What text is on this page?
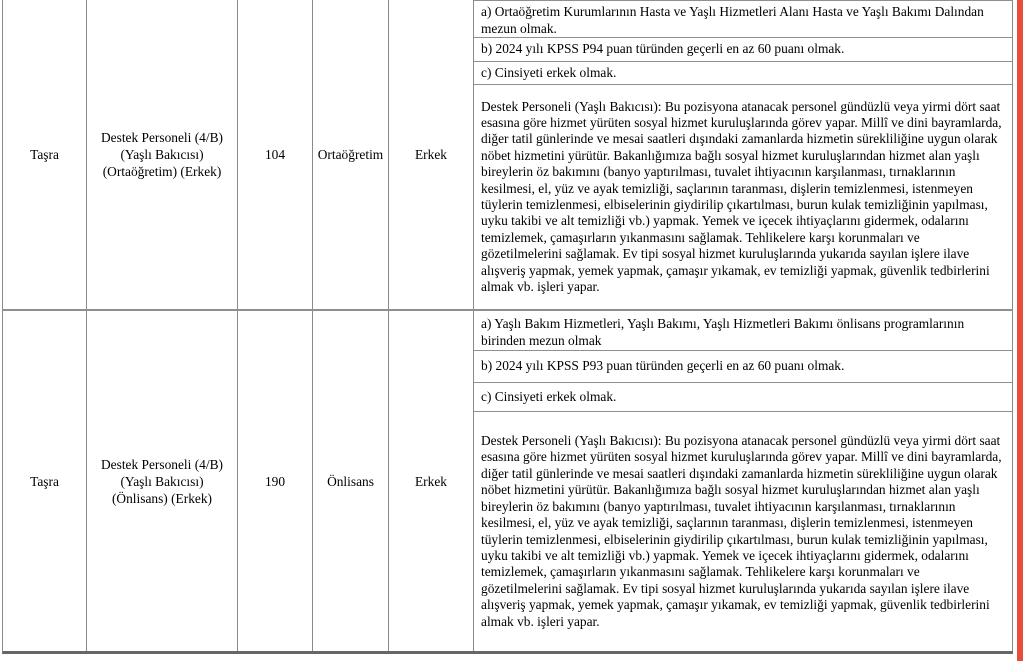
Taşra
Destek Personeli (4/B)
(Yaşlı Bakıcısı)
(Ortaöğretim) (Erkek)
104 Ortaöğretim Erkek
a) Ortaöğretim Kurumlarının Hasta ve Yaşlı Hizmetleri Alanı Hasta ve Yaşlı Bakımı Dalından mezun olmak.
b) 2024 yılı KPSS P94 puan türünden geçerli en az 60 puanı olmak.
c) Cinsiyeti erkek olmak.

Destek Personeli (Yaşlı Bakıcısı): Bu pozisyona atanacak personel gündüzlü veya yirmi dört saat esasına göre hizmet yürüten sosyal hizmet kuruluşlarında görev yapar. Millî ve dini bayramlarda, diğer tatil günlerinde ve mesai saatleri dışındaki zamanlarda hizmetin sürekliliğine uygun olarak nöbet hizmetini yürütür. Bakanlığımıza bağlı sosyal hizmet kuruluşlarından hizmet alan yaşlı bireylerin öz bakımını (banyo yaptırılması, tuvalet ihtiyacının karşılanması, tırnaklarının kesilmesi, el, yüz ve ayak temizliği, saçlarının taranması, dişlerin temizlenmesi, istenmeyen tüylerin temizlenmesi, elbiselerinin giydirilip çıkartılması, burun kulak temizliğinin yapılması, uyku takibi ve alt temizliği vb.) yapmak. Yemek ve içecek ihtiyaçlarını gidermek, odalarını temizlemek, çamaşırların yıkanmasını sağlamak. Tehlikelere karşı korunmaları ve gözetilmelerini sağlamak. Ev tipi sosyal hizmet kuruluşlarında yukarıda sayılan işlere ilave alışveriş yapmak, yemek yapmak, çamaşır yıkamak, ev temizliği yapmak, güvenlik tedbirlerini almak vb. işleri yapar.

Taşra
Destek Personeli (4/B)
(Yaşlı Bakıcısı)
(Önlisans) (Erkek)
190	Önlisans	Erkek
a) Yaşlı Bakım Hizmetleri, Yaşlı Bakımı, Yaşlı Hizmetleri Bakımı önlisans programlarının birinden mezun olmak
b) 2024 yılı KPSS P93 puan türünden geçerli en az 60 puanı olmak.
c) Cinsiyeti erkek olmak.

Destek Personeli (Yaşlı Bakıcısı): Bu pozisyona atanacak personel gündüzlü veya yirmi dört saat esasına göre hizmet yürüten sosyal hizmet kuruluşlarında görev yapar. Millî ve dini bayramlarda, diğer tatil günlerinde ve mesai saatleri dışındaki zamanlarda hizmetin sürekliliğine uygun olarak nöbet hizmetini yürütür. Bakanlığımıza bağlı sosyal hizmet kuruluşlarından hizmet alan yaşlı bireylerin öz bakımını (banyo yaptırılması, tuvalet ihtiyacının karşılanması, tırnaklarının kesilmesi, el, yüz ve ayak temizliği, saçlarının taranması, dişlerin temizlenmesi, istenmeyen tüylerin temizlenmesi, elbiselerinin giydirilip çıkartılması, burun kulak temizliğinin yapılması, uyku takibi ve alt temizliği vb.) yapmak. Yemek ve içecek ihtiyaçlarını gidermek, odalarını temizlemek, çamaşırların yıkanmasını sağlamak. Tehlikelere karşı korunmaları ve gözetilmelerini sağlamak. Ev tipi sosyal hizmet kuruluşlarında yukarıda sayılan işlere ilave alışveriş yapmak, yemek yapmak, çamaşır yıkamak, ev temizliği yapmak, güvenlik tedbirlerini almak vb. işleri yapar.
